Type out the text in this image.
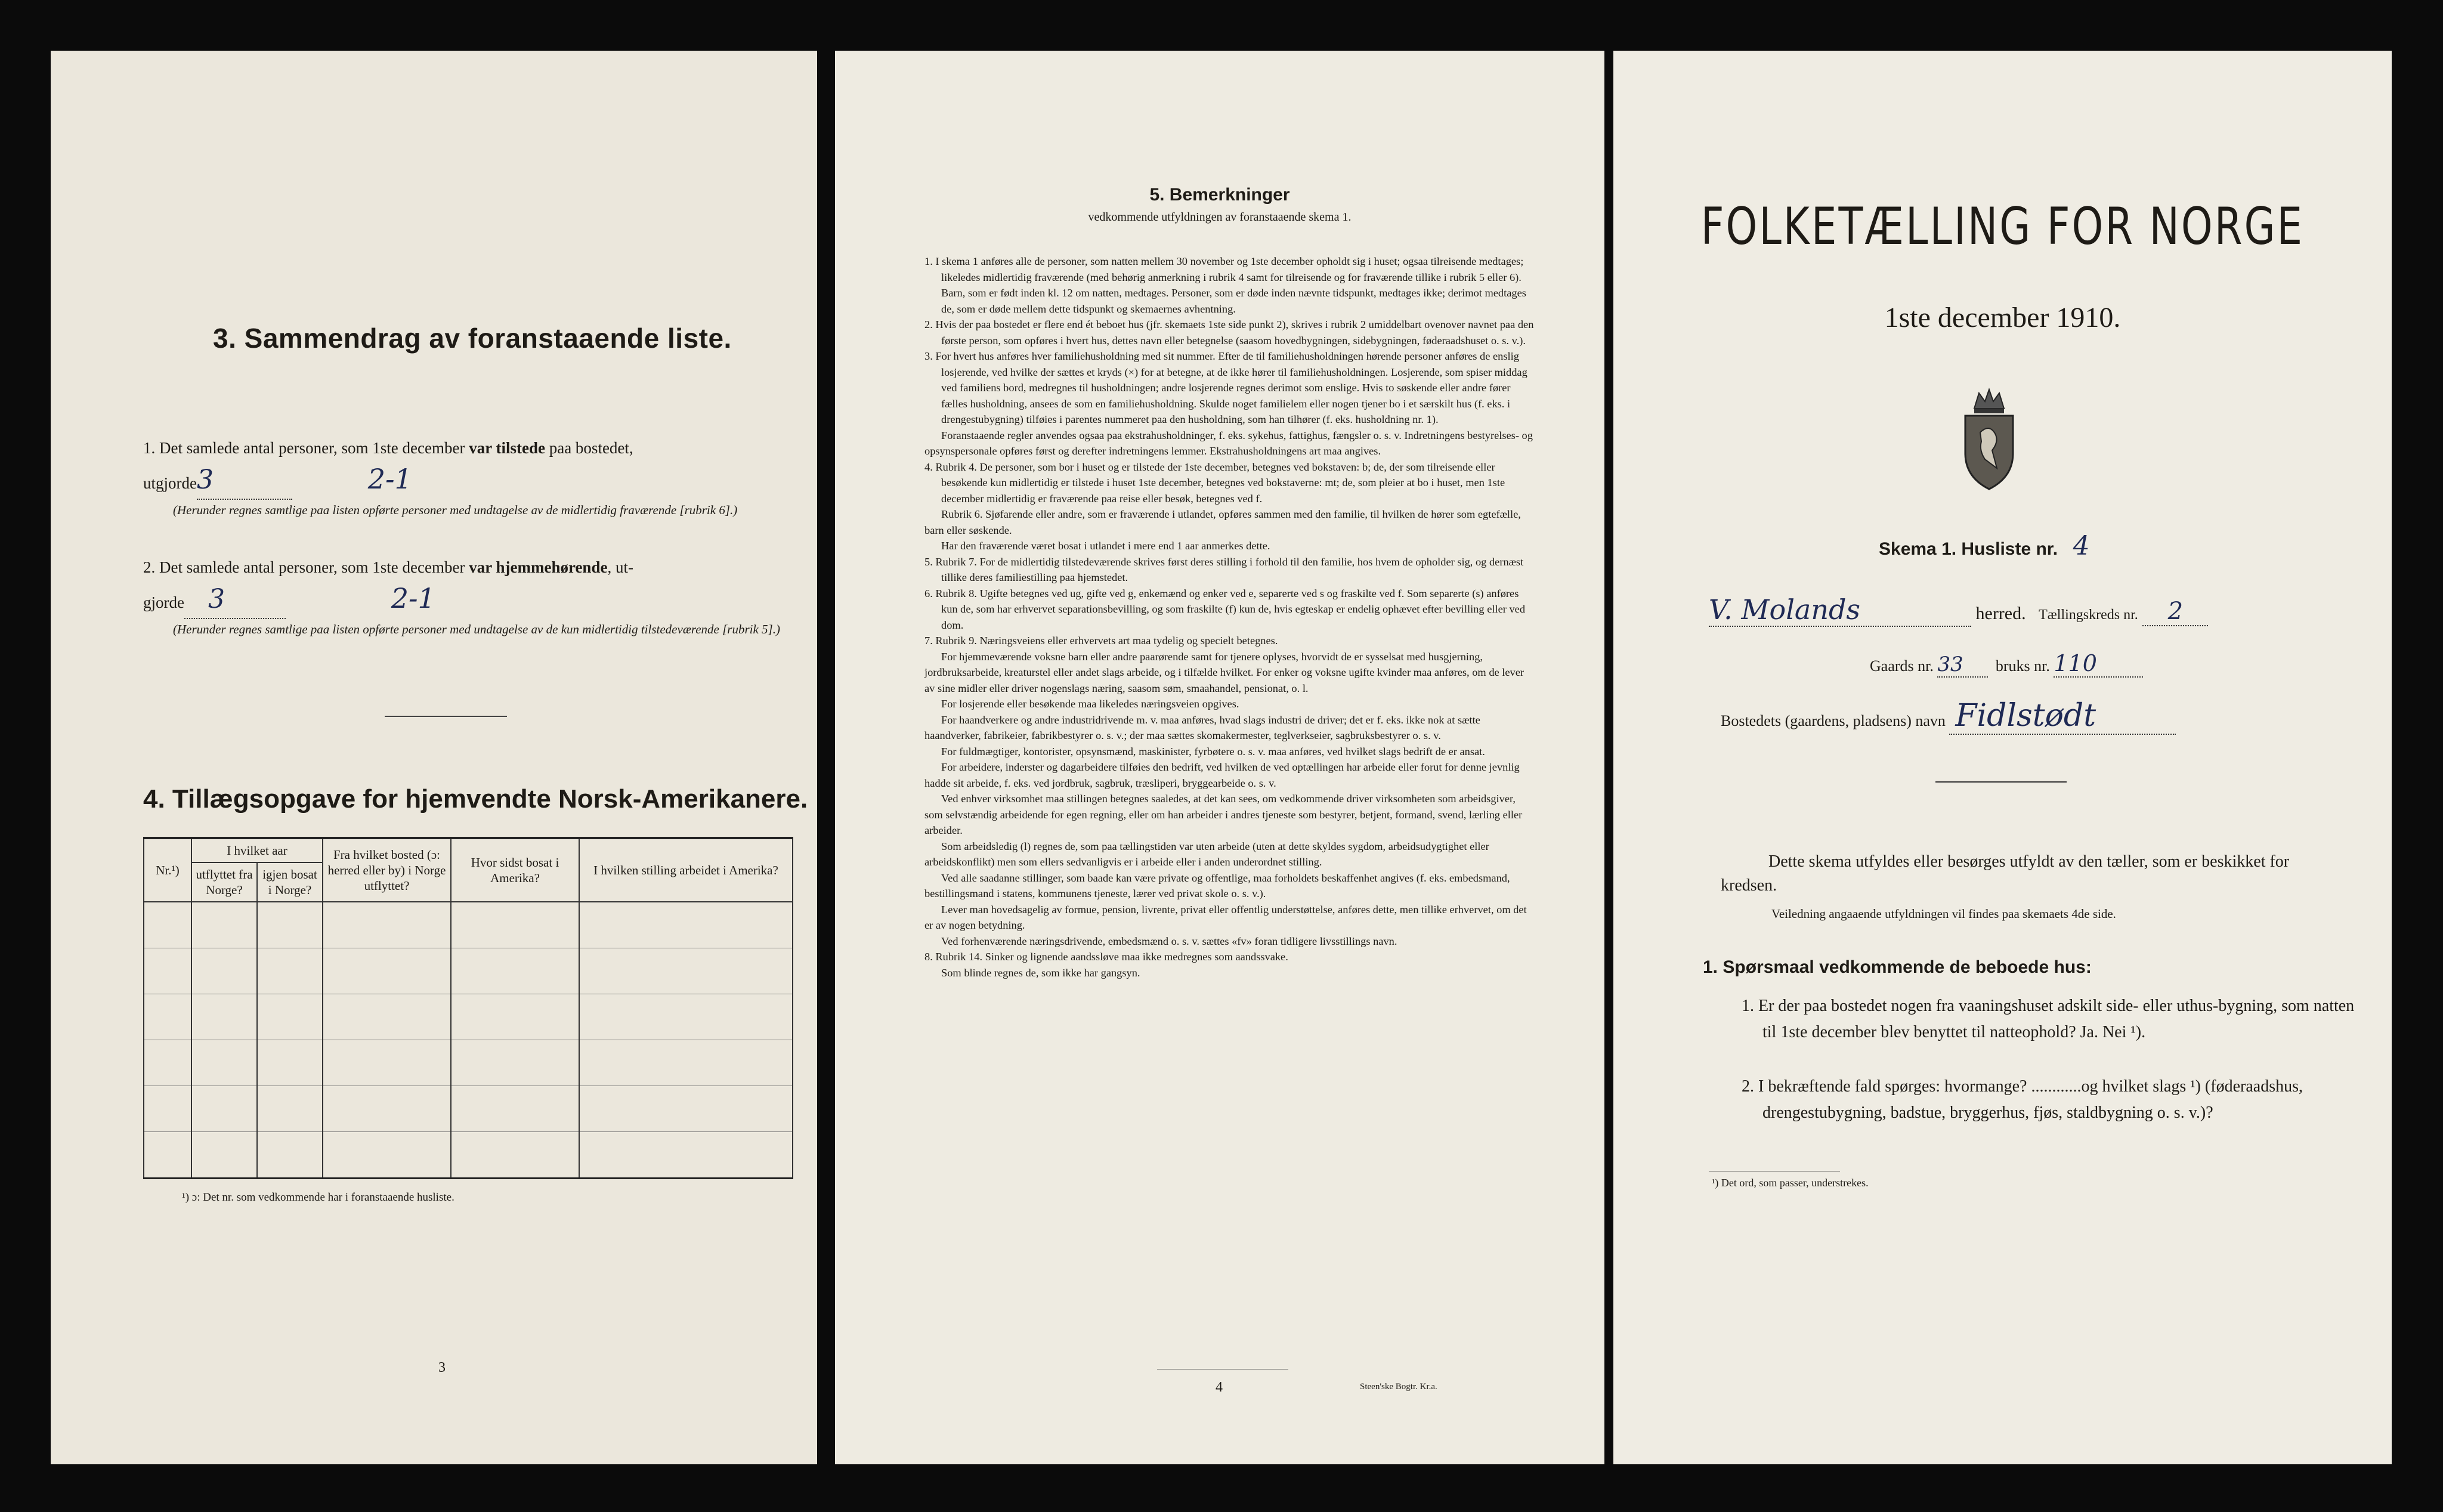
3. Sammendrag av foranstaaende liste.
1. Det samlede antal personer, som 1ste december var tilstede paa bostedet,
utgjorde3	2-1
(Herunder regnes samtlige paa listen opførte personer med undtagelse av de midlertidig fraværende [rubrik 6].)
2. Det samlede antal personer, som 1ste december var hjemmehørende, ut-
gjorde 3	2-1
(Herunder regnes samtlige paa listen opførte personer med undtagelse av de kun midlertidig tilstedeværende [rubrik 5].)
4. Tillægsopgave for hjemvendte Norsk-Amerikanere.
Nr.¹)	I hvilket aar		Fra hvilket bosted (ɔ: herred eller by) i Norge utflyttet?	Hvor sidst bosat i Amerika?	I hvilken stilling arbeidet i Amerika?
	utflyttet fra Norge?	igjen bosat i Norge?			

¹) ɔ: Det nr. som vedkommende har i foranstaaende husliste.
3
5. Bemerkninger
vedkommende utfyldningen av foranstaaende skema 1.

1. I skema 1 anføres alle de personer, som natten mellem 30 november og 1ste december opholdt sig i huset; ogsaa tilreisende medtages; likeledes midlertidig fraværende (med behørig anmerkning i rubrik 4 samt for tilreisende og for fraværende tillike i rubrik 5 eller 6). Barn, som er født inden kl. 12 om natten, medtages. Personer, som er døde inden nævnte tidspunkt, medtages ikke; derimot medtages de, som er døde mellem dette tidspunkt og skemaernes avhentning.

2. Hvis der paa bostedet er flere end ét beboet hus (jfr. skemaets 1ste side punkt 2), skrives i rubrik 2 umiddelbart ovenover navnet paa den første person, som opføres i hvert hus, dettes navn eller betegnelse (saasom hovedbygningen, sidebygningen, føderaadshuset o. s. v.).

3. For hvert hus anføres hver familiehusholdning med sit nummer. Efter de til familiehusholdningen hørende personer anføres de enslig losjerende, ved hvilke der sættes et kryds (×) for at betegne, at de ikke hører til familiehusholdningen. Losjerende, som spiser middag ved familiens bord, medregnes til husholdningen; andre losjerende regnes derimot som enslige. Hvis to søskende eller andre fører fælles husholdning, ansees de som en familiehusholdning. Skulde noget familielem eller nogen tjener bo i et særskilt hus (f. eks. i drengestubygning) tilføies i parentes nummeret paa den husholdning, som han tilhører (f. eks. husholdning nr. 1).

Foranstaaende regler anvendes ogsaa paa ekstrahusholdninger, f. eks. sykehus, fattighus, fængsler o. s. v. Indretningens bestyrelses- og opsynspersonale opføres først og derefter indretningens lemmer. Ekstrahusholdningens art maa angives.

4. Rubrik 4. De personer, som bor i huset og er tilstede der 1ste december, betegnes ved bokstaven: b; de, der som tilreisende eller besøkende kun midlertidig er tilstede i huset 1ste december, betegnes ved bokstaverne: mt; de, som pleier at bo i huset, men 1ste december midlertidig er fraværende paa reise eller besøk, betegnes ved f.

Rubrik 6. Sjøfarende eller andre, som er fraværende i utlandet, opføres sammen med den familie, til hvilken de hører som egtefælle, barn eller søskende.

Har den fraværende været bosat i utlandet i mere end 1 aar anmerkes dette.

5. Rubrik 7. For de midlertidig tilstedeværende skrives først deres stilling i forhold til den familie, hos hvem de opholder sig, og dernæst tillike deres familiestilling paa hjemstedet.

6. Rubrik 8. Ugifte betegnes ved ug, gifte ved g, enkemænd og enker ved e, separerte ved s og fraskilte ved f. Som separerte (s) anføres kun de, som har erhvervet separationsbevilling, og som fraskilte (f) kun de, hvis egteskap er endelig ophævet efter bevilling eller ved dom.

7. Rubrik 9. Næringsveiens eller erhvervets art maa tydelig og specielt betegnes.

For hjemmeværende voksne barn eller andre paarørende samt for tjenere oplyses, hvorvidt de er sysselsat med husgjerning, jordbruksarbeide, kreaturstel eller andet slags arbeide, og i tilfælde hvilket. For enker og voksne ugifte kvinder maa anføres, om de lever av sine midler eller driver nogenslags næring, saasom søm, smaahandel, pensionat, o. l.

For losjerende eller besøkende maa likeledes næringsveien opgives.

For haandverkere og andre industridrivende m. v. maa anføres, hvad slags industri de driver; det er f. eks. ikke nok at sætte haandverker, fabrikeier, fabrikbestyrer o. s. v.; der maa sættes skomakermester, teglverkseier, sagbruksbestyrer o. s. v.

For fuldmægtiger, kontorister, opsynsmænd, maskinister, fyrbøtere o. s. v. maa anføres, ved hvilket slags bedrift de er ansat.

For arbeidere, inderster og dagarbeidere tilføies den bedrift, ved hvilken de ved optællingen har arbeide eller forut for denne jevnlig hadde sit arbeide, f. eks. ved jordbruk, sagbruk, træsliperi, bryggearbeide o. s. v.

Ved enhver virksomhet maa stillingen betegnes saaledes, at det kan sees, om vedkommende driver virksomheten som arbeidsgiver, som selvstændig arbeidende for egen regning, eller om han arbeider i andres tjeneste som bestyrer, betjent, formand, svend, lærling eller arbeider.

Som arbeidsledig (l) regnes de, som paa tællingstiden var uten arbeide (uten at dette skyldes sygdom, arbeidsudygtighet eller arbeidskonflikt) men som ellers sedvanligvis er i arbeide eller i anden underordnet stilling.

Ved alle saadanne stillinger, som baade kan være private og offentlige, maa forholdets beskaffenhet angives (f. eks. embedsmand, bestillingsmand i statens, kommunens tjeneste, lærer ved privat skole o. s. v.).

Lever man hovedsagelig av formue, pension, livrente, privat eller offentlig understøttelse, anføres dette, men tillike erhvervet, om det er av nogen betydning.

Ved forhenværende næringsdrivende, embedsmænd o. s. v. sættes «fv» foran tidligere livsstillings navn.

8. Rubrik 14. Sinker og lignende aandssløve maa ikke medregnes som aandssvake.

Som blinde regnes de, som ikke har gangsyn.

4	Steen'ske Bogtr. Kr.a.
FOLKETÆLLING FOR NORGE
1ste december 1910.
Skema 1. Husliste nr. 4
V. Molands	herred. Tællingskreds nr. 2
Gaards nr. 33 bruks nr. 110
Bostedets (gaardens, pladsens) navn Fidlstødt
Dette skema utfyldes eller besørges utfyldt av den tæller, som er beskikket for kredsen.
Veiledning angaaende utfyldningen vil findes paa skemaets 4de side.
1. Spørsmaal vedkommende de beboede hus:
1. Er der paa bostedet nogen fra vaaningshuset adskilt side- eller uthus-bygning, som natten til 1ste december blev benyttet til natteophold? Ja. Nei ¹).
2. I bekræftende fald spørges: hvormange? ............og hvilket slags ¹) (føderaadshus, drengestubygning, badstue, bryggerhus, fjøs, staldbygning o. s. v.)?
¹) Det ord, som passer, understrekes.
